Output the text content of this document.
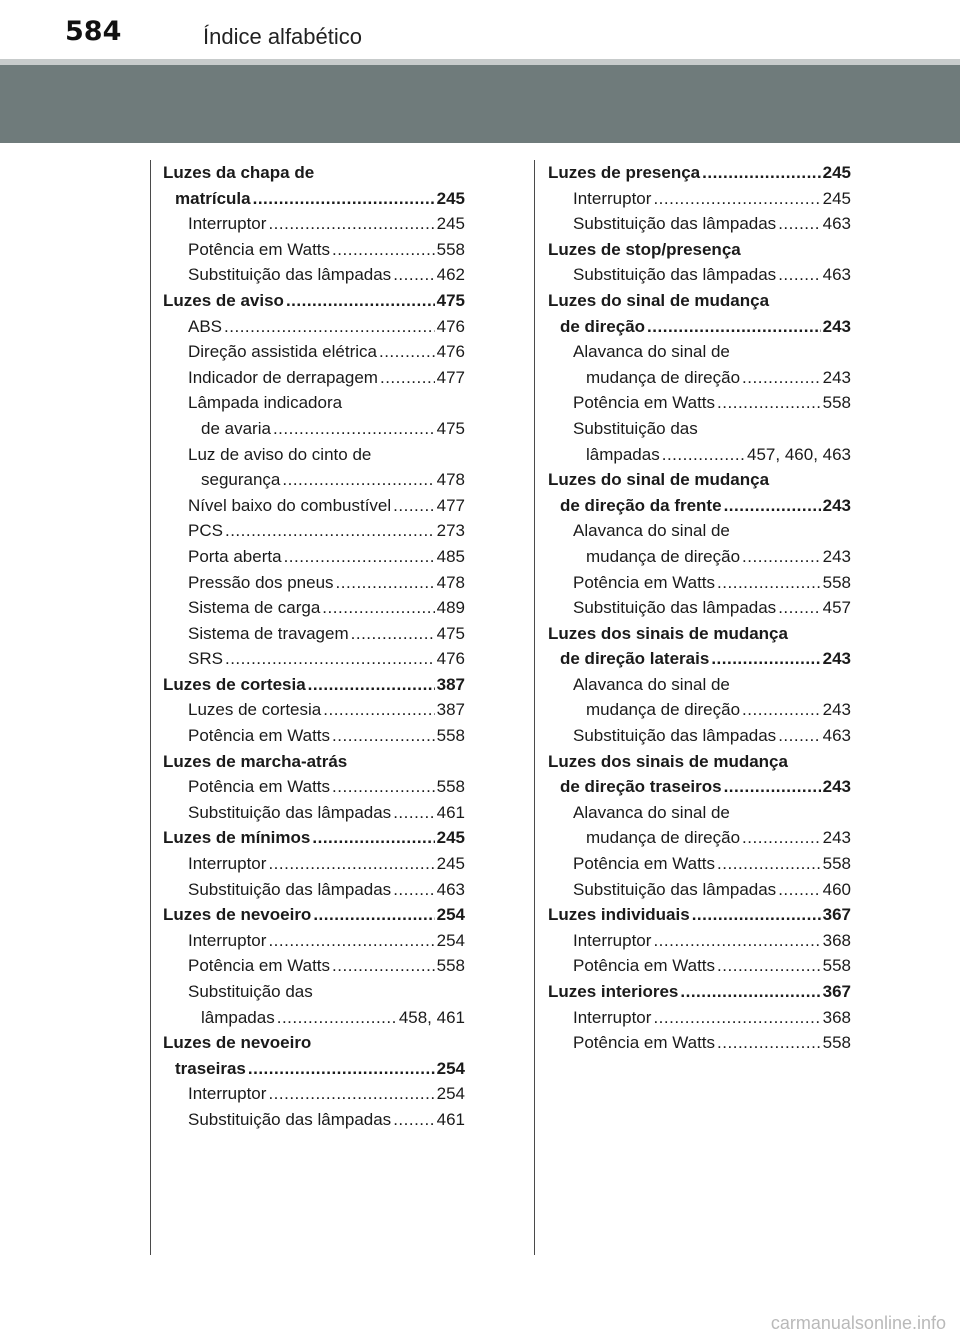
584	Índice alfabético
Luzes da chapa de
matrícula .....	245
Interruptor .....	245
Potência em Watts .....	558
Substituição das lâmpadas .....	462
Luzes de aviso .....	475
ABS .....	476
Direção assistida elétrica .....	476
Indicador de derrapagem .....	477
Lâmpada indicadora
de avaria .....	475
Luz de aviso do cinto de
segurança .....	478
Nível baixo do combustível .....	477
PCS .....	273
Porta aberta .....	485
Pressão dos pneus .....	478
Sistema de carga .....	489
Sistema de travagem .....	475
SRS .....	476
Luzes de cortesia .....	387
Luzes de cortesia .....	387
Potência em Watts .....	558
Luzes de marcha-atrás
Potência em Watts .....	558
Substituição das lâmpadas .....	461
Luzes de mínimos .....	245
Interruptor .....	245
Substituição das lâmpadas .....	463
Luzes de nevoeiro .....	254
Interruptor .....	254
Potência em Watts .....	558
Substituição das
lâmpadas .....	458, 461
Luzes de nevoeiro
traseiras .....	254
Interruptor .....	254
Substituição das lâmpadas .....	461
Luzes de presença .....	245
Interruptor .....	245
Substituição das lâmpadas .....	463
Luzes de stop/presença
Substituição das lâmpadas .....	463
Luzes do sinal de mudança
de direção .....	243
Alavanca do sinal de
mudança de direção .....	243
Potência em Watts .....	558
Substituição das
lâmpadas .....	457, 460, 463
Luzes do sinal de mudança
de direção da frente .....	243
Alavanca do sinal de
mudança de direção .....	243
Potência em Watts .....	558
Substituição das lâmpadas .....	457
Luzes dos sinais de mudança
de direção laterais .....	243
Alavanca do sinal de
mudança de direção .....	243
Substituição das lâmpadas .....	463
Luzes dos sinais de mudança
de direção traseiros .....	243
Alavanca do sinal de
mudança de direção .....	243
Potência em Watts .....	558
Substituição das lâmpadas .....	460
Luzes individuais .....	367
Interruptor .....	368
Potência em Watts .....	558
Luzes interiores .....	367
Interruptor .....	368
Potência em Watts .....	558
carmanualsonline.info
